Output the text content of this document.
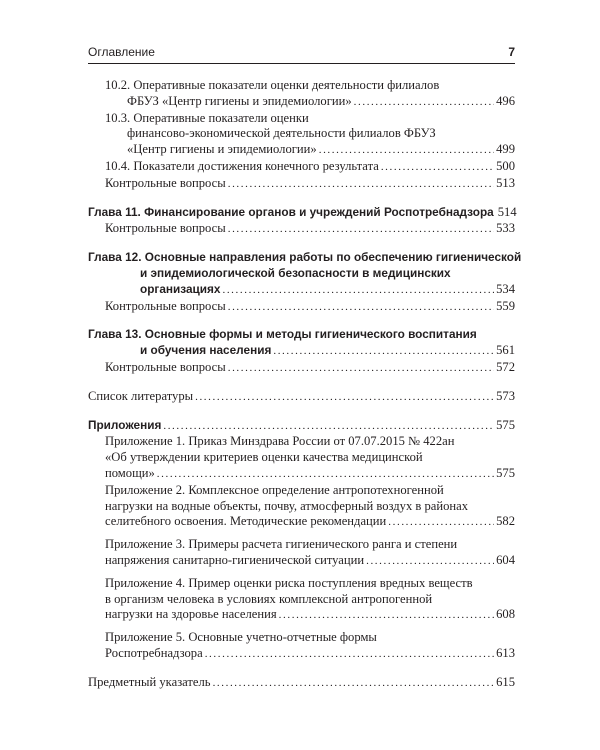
Оглавление	7
10.2. Оперативные показатели оценки деятельности филиалов
ФБУЗ «Центр гигиены и эпидемиологии» .....	496
10.3. Оперативные показатели оценки
финансово-экономической деятельности филиалов ФБУЗ
«Центр гигиены и эпидемиологии» .....	499
10.4. Показатели достижения конечного результата .....	500
Контрольные вопросы .....	513
Глава 11. Финансирование органов и учреждений Роспотребнадзора 514
Контрольные вопросы .....	533
Глава 12. Основные направления работы по обеспечению гигиенической
и эпидемиологической безопасности в медицинских
организациях .....	534
Контрольные вопросы .....	559
Глава 13. Основные формы и методы гигиенического воспитания
и обучения населения .....	561
Контрольные вопросы .....	572
Список литературы .....	573
Приложения .....	575
Приложение 1. Приказ Минздрава России от 07.07.2015 № 422ан
«Об утверждении критериев оценки качества медицинской
помощи» .....	575
Приложение 2. Комплексное определение антропотехногенной
нагрузки на водные объекты, почву, атмосферный воздух в районах
селитебного освоения. Методические рекомендации .....	582
Приложение 3. Примеры расчета гигиенического ранга и степени
напряжения санитарно-гигиенической ситуации .....	604
Приложение 4. Пример оценки риска поступления вредных веществ
в организм человека в условиях комплексной антропогенной
нагрузки на здоровье населения .....	608
Приложение 5. Основные учетно-отчетные формы
Роспотребнадзора .....	613
Предметный указатель .....	615
